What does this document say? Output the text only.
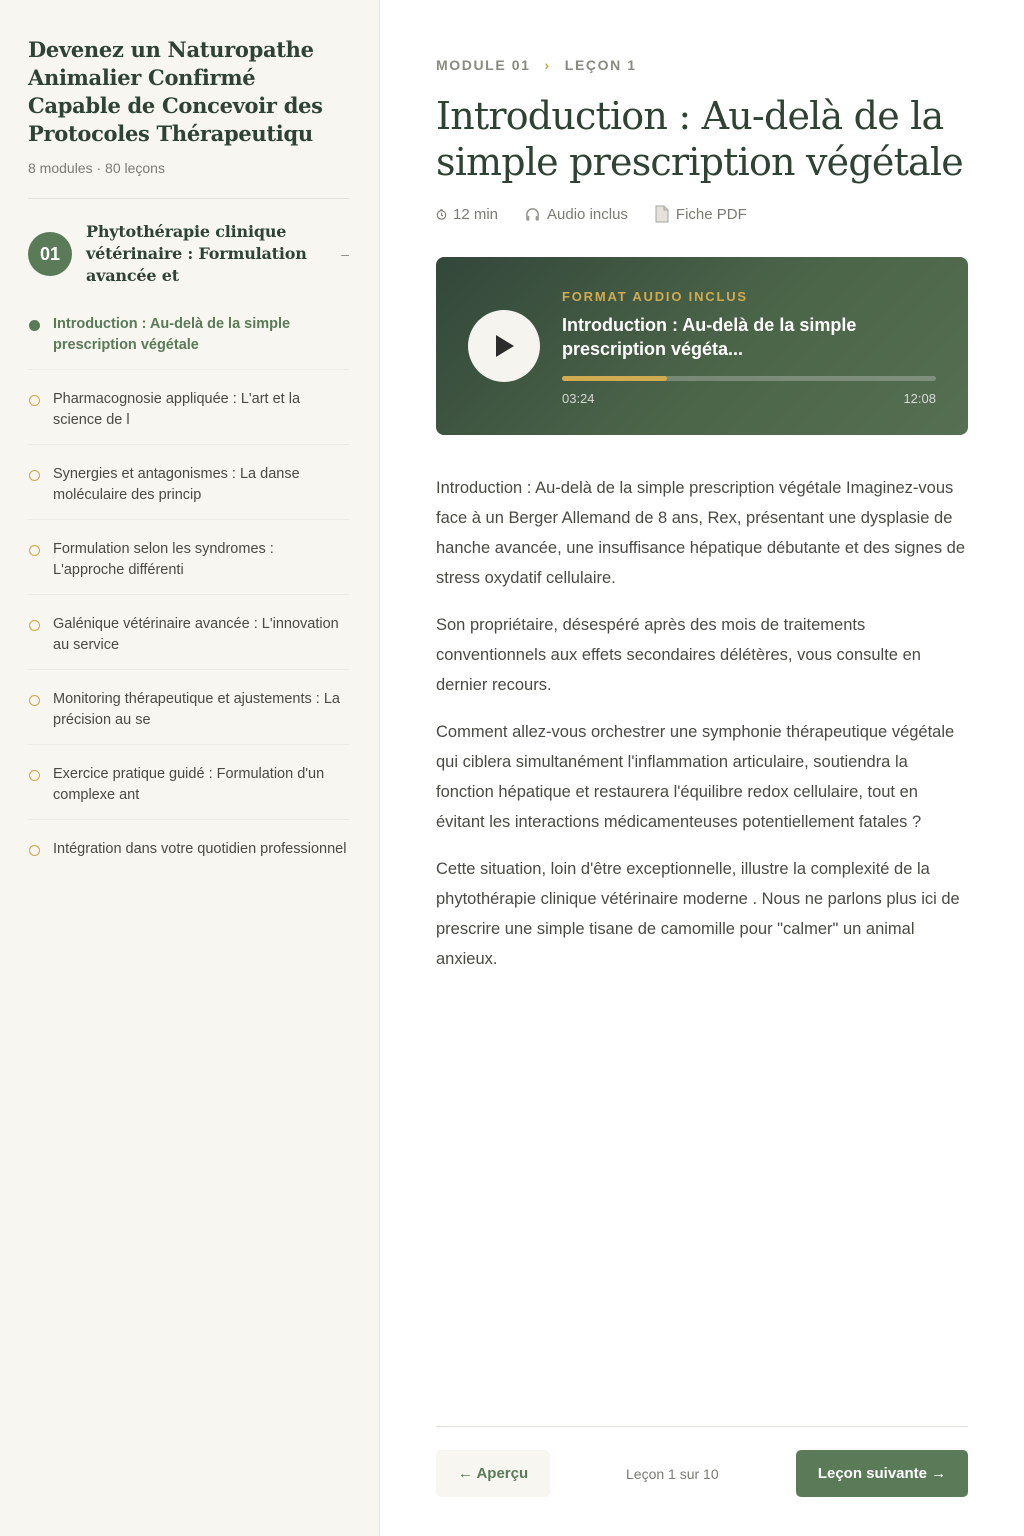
Devenez un Naturopathe Animalier Confirmé Capable de Concevoir des Protocoles Thérapeutiqu
8 modules · 80 leçons
01
Phytothérapie clinique vétérinaire : Formulation avancée et
–
Introduction : Au-delà de la simple prescription végétale
Pharmacognosie appliquée : L'art et la science de l
Synergies et antagonismes : La danse moléculaire des princip
Formulation selon les syndromes : L'approche différenti
Galénique vétérinaire avancée : L'innovation au service
Monitoring thérapeutique et ajustements : La précision au se
Exercice pratique guidé : Formulation d'un complexe ant
Intégration dans votre quotidien professionnel
MODULE 01 › LEÇON 1
Introduction : Au-delà de la simple prescription végétale
12 min	Audio inclus	Fiche PDF
FORMAT AUDIO INCLUS
Introduction : Au-delà de la simple prescription végéta...
03:24	12:08

Introduction : Au-delà de la simple prescription végétale Imaginez-vous face à un Berger Allemand de 8 ans, Rex, présentant une dysplasie de hanche avancée, une insuffisance hépatique débutante et des signes de stress oxydatif cellulaire.

Son propriétaire, désespéré après des mois de traitements conventionnels aux effets secondaires délétères, vous consulte en dernier recours.

Comment allez-vous orchestrer une symphonie thérapeutique végétale qui ciblera simultanément l'inflammation articulaire, soutiendra la fonction hépatique et restaurera l'équilibre redox cellulaire, tout en évitant les interactions médicamenteuses potentiellement fatales ?

Cette situation, loin d'être exceptionnelle, illustre la complexité de la phytothérapie clinique vétérinaire moderne . Nous ne parlons plus ici de prescrire une simple tisane de camomille pour "calmer" un animal anxieux.

← Aperçu	Leçon 1 sur 10	Leçon suivante →
